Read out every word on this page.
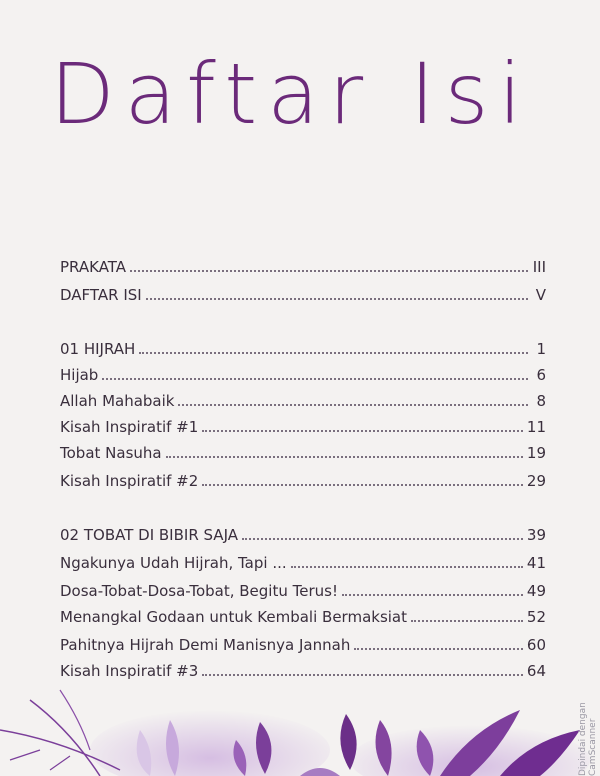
Daftar Isi
PRAKATA	III
DAFTAR ISI	V
01 HIJRAH	1
Hijab	6
Allah Mahabaik	8
Kisah Inspiratif #1	11
Tobat Nasuha	19
Kisah Inspiratif #2	29
02 TOBAT DI BIBIR SAJA	39
Ngakunya Udah Hijrah, Tapi ...	41
Dosa-Tobat-Dosa-Tobat, Begitu Terus!	49
Menangkal Godaan untuk Kembali Bermaksiat	52
Pahitnya Hijrah Demi Manisnya Jannah	60
Kisah Inspiratif #3	64
Dipindai dengan CamScanner
